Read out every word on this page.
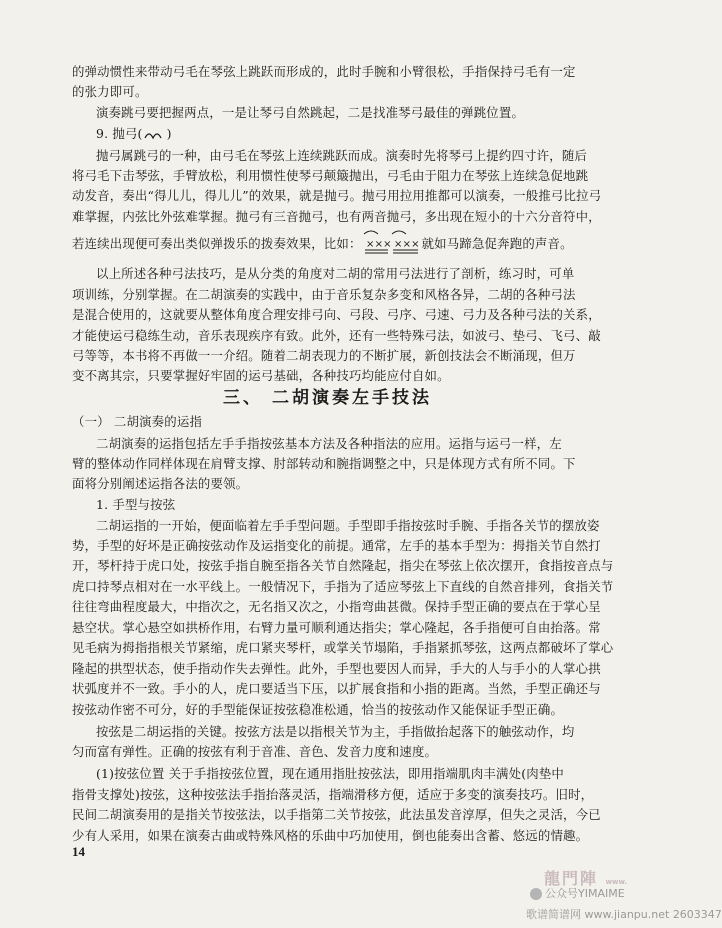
的弹动惯性来带动弓毛在琴弦上跳跃而形成的，此时手腕和小臂很松，手指保持弓毛有一定
的张力即可。
演奏跳弓要把握两点，一是让琴弓自然跳起，二是找准琴弓最佳的弹跳位置。
9. 抛弓( )
抛弓属跳弓的一种，由弓毛在琴弦上连续跳跃而成。演奏时先将琴弓上提约四寸许，随后
将弓毛下击琴弦，手臂放松，利用惯性使琴弓颠簸抛出，弓毛由于阻力在琴弦上连续急促地跳
动发音，奏出“得儿儿，得儿儿”的效果，就是抛弓。抛弓用拉用推都可以演奏，一般推弓比拉弓
难掌握，内弦比外弦难掌握。抛弓有三音抛弓，也有两音抛弓，多出现在短小的十六分音符中，
若连续出现便可奏出类似弹拨乐的拨奏效果，比如： ××× ××× 就如马蹄急促奔跑的声音。
以上所述各种弓法技巧，是从分类的角度对二胡的常用弓法进行了剖析，练习时，可单
项训练，分别掌握。在二胡演奏的实践中，由于音乐复杂多变和风格各异，二胡的各种弓法
是混合使用的，这就要从整体角度合理安排弓向、弓段、弓序、弓速、弓力及各种弓法的关系，
才能使运弓稳练生动，音乐表现疾序有致。此外，还有一些特殊弓法，如波弓、垫弓、飞弓、敲
弓等等，本书将不再做一一介绍。随着二胡表现力的不断扩展，新创技法会不断涌现，但万
三、 二胡演奏左手技法
（一） 二胡演奏的运指
二胡演奏的运指包括左手手指按弦基本方法及各种指法的应用。运指与运弓一样，左
臂的整体动作同样体现在肩臂支撑、肘部转动和腕指调整之中，只是体现方式有所不同。下
面将分别阐述运指各法的要领。
1. 手型与按弦
二胡运指的一开始，便面临着左手手型问题。手型即手指按弦时手腕、手指各关节的摆放姿
势，手型的好坏是正确按弦动作及运指变化的前提。通常，左手的基本手型为：拇指关节自然打
开，琴杆持于虎口处，按弦手指自腕至指各关节自然隆起，指尖在琴弦上依次摆开，食指按音点与
虎口持琴点相对在一水平线上。一般情况下，手指为了适应琴弦上下直线的自然音排列，食指关节
往往弯曲程度最大，中指次之，无名指又次之，小指弯曲甚微。保持手型正确的要点在于掌心呈
悬空状。掌心悬空如拱桥作用，右臂力量可顺利通达指尖；掌心隆起，各手指便可自由抬落。常
见毛病为拇指指根关节紧缩，虎口紧夹琴杆，或掌关节塌陷，手指紧抓琴弦，这两点都破坏了掌心
隆起的拱型状态，使手指动作失去弹性。此外，手型也要因人而异，手大的人与手小的人掌心拱
状弧度并不一致。手小的人，虎口要适当下压，以扩展食指和小指的距离。当然，手型正确还与
按弦动作密不可分，好的手型能保证按弦稳准松通，恰当的按弦动作又能保证手型正确。
按弦是二胡运指的关键。按弦方法是以指根关节为主，手指做抬起落下的触弦动作，均
匀而富有弹性。正确的按弦有利于音准、音色、发音力度和速度。
(1)按弦位置 关于手指按弦位置，现在通用指肚按弦法，即用指端肌肉丰满处(肉垫中
指骨支撑处)按弦，这种按弦法手指抬落灵活，指端滑移方便，适应于多变的演奏技巧。旧时，
民间二胡演奏用的是指关节按弦法，以手指第二关节按弦，此法虽发音淳厚，但失之灵活，今已
少有人采用，如果在演奏古曲或特殊风格的乐曲中巧加使用，倒也能奏出含蓄、悠远的情趣。
变不离其宗，只要掌握好牢固的运弓基础，各种技巧均能应付自如。
14
龍門陣 www.
公众号YIMAIME
歌谱简谱网 www.jianpu.net 2603347
